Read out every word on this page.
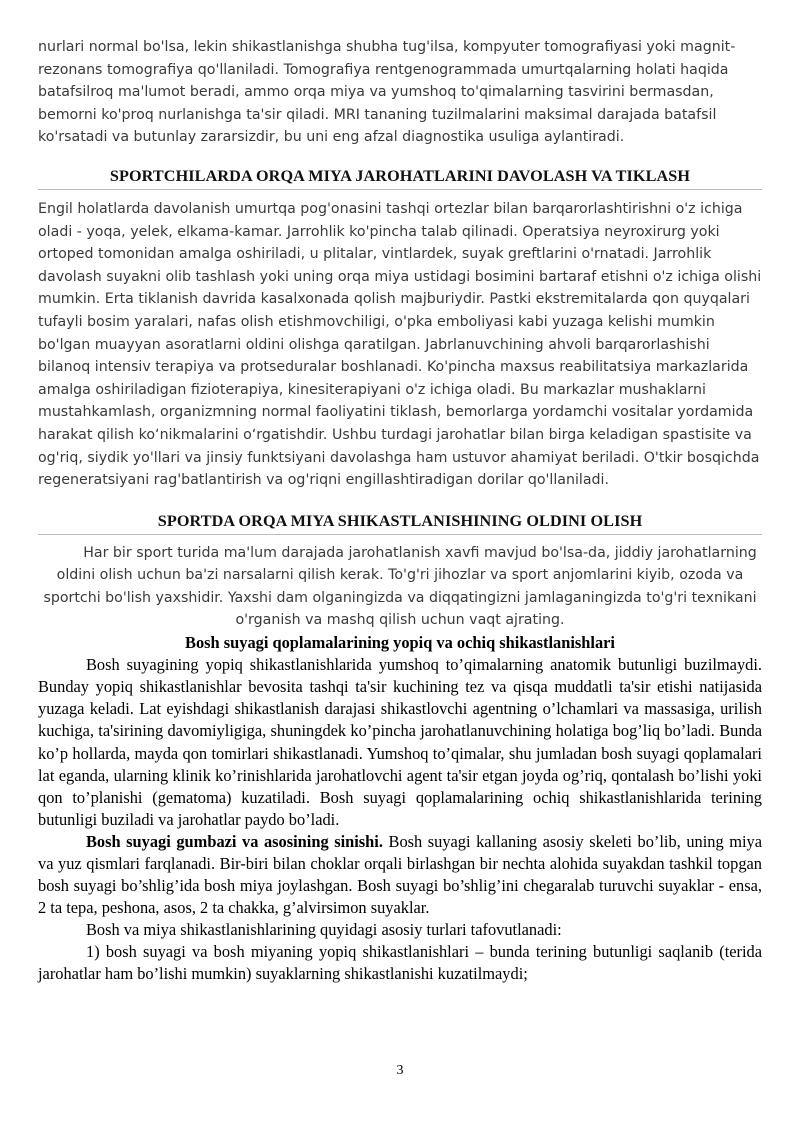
nurlari normal bo'lsa, lekin shikastlanishga shubha tug'ilsa, kompyuter tomografiyasi yoki magnit-rezonans tomografiya qo'llaniladi. Tomografiya rentgenogrammada umurtqalarning holati haqida batafsilroq ma'lumot beradi, ammo orqa miya va yumshoq to'qimalarning tasvirini bermasdan, bemorni ko'proq nurlanishga ta'sir qiladi. MRI tananing tuzilmalarini maksimal darajada batafsil ko'rsatadi va butunlay zararsizdir, bu uni eng afzal diagnostika usuliga aylantiradi.

SPORTCHILARDA ORQA MIYA JAROHATLARINI DAVOLASH VA TIKLASH

Engil holatlarda davolanish umurtqa pog'onasini tashqi ortezlar bilan barqarorlashtirishni o'z ichiga oladi - yoqa, yelek, elkama-kamar. Jarrohlik ko'pincha talab qilinadi. Operatsiya neyroxirurg yoki ortoped tomonidan amalga oshiriladi, u plitalar, vintlardek, suyak greftlarini o'rnatadi. Jarrohlik davolash suyakni olib tashlash yoki uning orqa miya ustidagi bosimini bartaraf etishni o'z ichiga olishi mumkin. Erta tiklanish davrida kasalxonada qolish majburiydir. Pastki ekstremitalarda qon quyqalari tufayli bosim yaralari, nafas olish etishmovchiligi, o'pka emboliyasi kabi yuzaga kelishi mumkin bo'lgan muayyan asoratlarni oldini olishga qaratilgan. Jabrlanuvchining ahvoli barqarorlashishi bilanoq intensiv terapiya va protseduralar boshlanadi. Ko'pincha maxsus reabilitatsiya markazlarida amalga oshiriladigan fizioterapiya, kinesiterapiyani o'z ichiga oladi. Bu markazlar mushaklarni mustahkamlash, organizmning normal faoliyatini tiklash, bemorlarga yordamchi vositalar yordamida harakat qilish ko‘nikmalarini o‘rgatishdir. Ushbu turdagi jarohatlar bilan birga keladigan spastisite va og'riq, siydik yo'llari va jinsiy funktsiyani davolashga ham ustuvor ahamiyat beriladi. O'tkir bosqichda regeneratsiyani rag'batlantirish va og'riqni engillashtiradigan dorilar qo'llaniladi.

SPORTDA ORQA MIYA SHIKASTLANISHINING OLDINI OLISH

Har bir sport turida ma'lum darajada jarohatlanish xavfi mavjud bo'lsa-da, jiddiy jarohatlarning oldini olish uchun ba'zi narsalarni qilish kerak. To'g'ri jihozlar va sport anjomlarini kiyib, ozoda va sportchi bo'lish yaxshidir. Yaxshi dam olganingizda va diqqatingizni jamlaganingizda to'g'ri texnikani o'rganish va mashq qilish uchun vaqt ajrating.

Bosh suyagi qoplamalarining yopiq va ochiq shikastlanishlari

Bosh suyagining yopiq shikastlanishlarida yumshoq to’qimalarning anatomik butunligi buzilmaydi. Bunday yopiq shikastlanishlar bevosita tashqi ta'sir kuchining tez va qisqa muddatli ta'sir etishi natijasida yuzaga keladi. Lat eyishdagi shikastlanish darajasi shikastlovchi agentning o’lchamlari va massasiga, urilish kuchiga, ta'sirining davomiyligiga, shuningdek ko’pincha jarohatlanuvchining holatiga bog’liq bo’ladi. Bunda ko’p hollarda, mayda qon tomirlari shikastlanadi. Yumshoq to’qimalar, shu jumladan bosh suyagi qoplamalari lat eganda, ularning klinik ko’rinishlarida jarohatlovchi agent ta'sir etgan joyda og’riq, qontalash bo’lishi yoki qon to’planishi (gematoma) kuzatiladi. Bosh suyagi qoplamalarining ochiq shikastlanishlarida terining butunligi buziladi va jarohatlar paydo bo’ladi.

Bosh suyagi gumbazi va asosining sinishi. Bosh suyagi kallaning asosiy skeleti bo’lib, uning miya va yuz qismlari farqlanadi. Bir-biri bilan choklar orqali birlashgan bir nechta alohida suyakdan tashkil topgan bosh suyagi bo’shlig’ida bosh miya joylashgan. Bosh suyagi bo’shlig’ini chegaralab turuvchi suyaklar - ensa, 2 ta tepa, peshona, asos, 2 ta chakka, g’alvirsimon suyaklar.

Bosh va miya shikastlanishlarining quyidagi asosiy turlari tafovutlanadi:

1) bosh suyagi va bosh miyaning yopiq shikastlanishlari – bunda terining butunligi saqlanib (terida jarohatlar ham bo’lishi mumkin) suyaklarning shikastlanishi kuzatilmaydi;

3
